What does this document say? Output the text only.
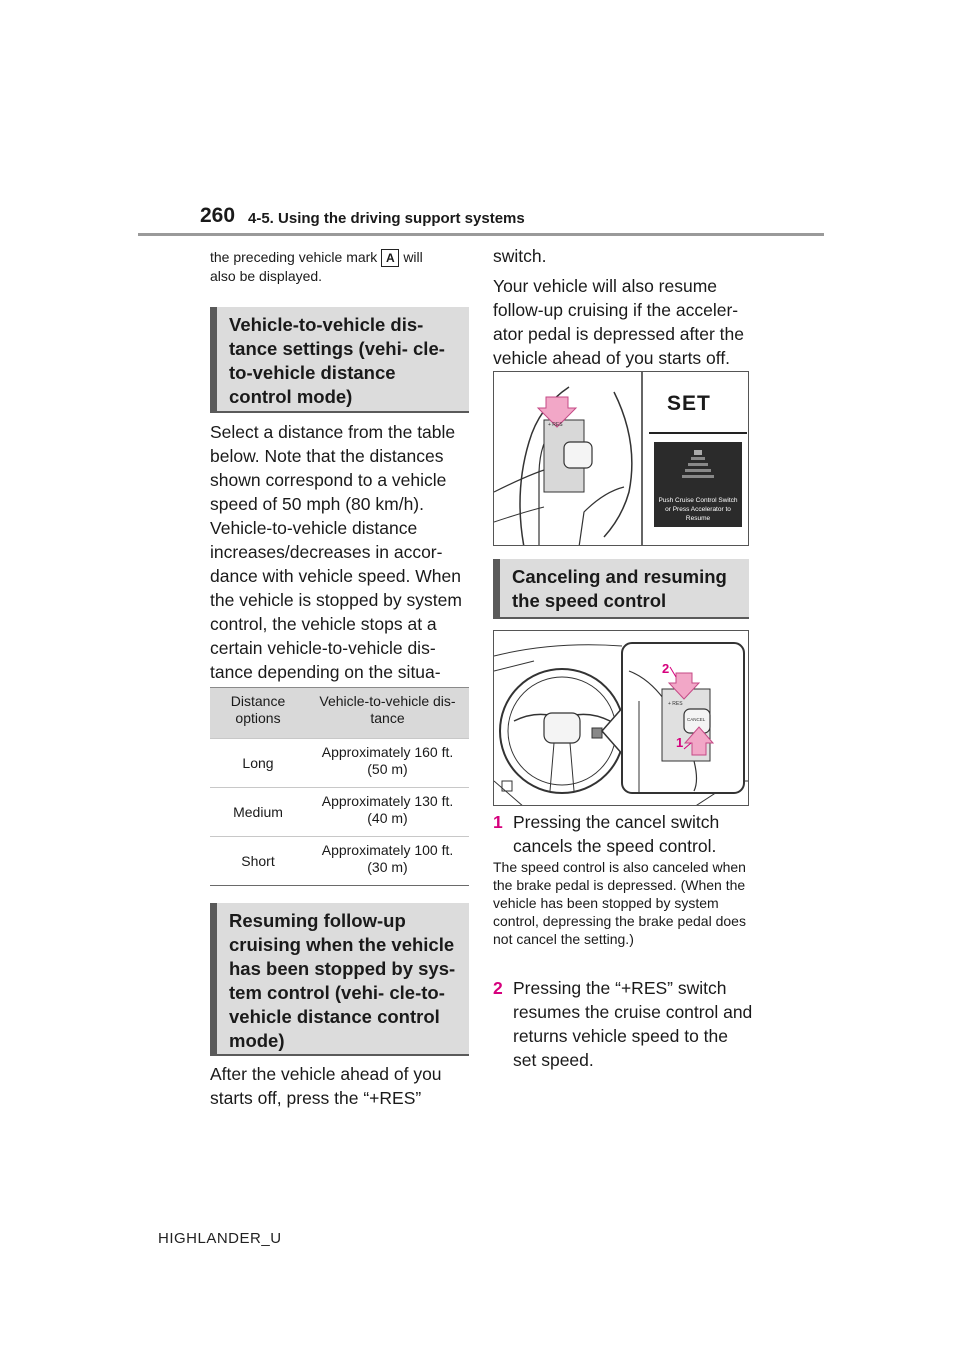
260 4-5. Using the driving support systems
the preceding vehicle mark A will
also be displayed.
Vehicle-to-vehicle dis- tance settings (vehi- cle-to-vehicle distance control mode)
Select a distance from the table below. Note that the distances shown correspond to a vehicle speed of 50 mph (80 km/h). Vehicle-to-vehicle distance increases/decreases in accor- dance with vehicle speed. When the vehicle is stopped by system control, the vehicle stops at a certain vehicle-to-vehicle dis- tance depending on the situa- tion.
Distance options	Vehicle-to-vehicle dis- tance
Long	Approximately 160 ft. (50 m)
Medium	Approximately 130 ft. (40 m)
Short	Approximately 100 ft. (30 m)
Resuming follow-up cruising when the vehicle has been stopped by sys- tem control (vehi- cle-to-vehicle distance control mode)
After the vehicle ahead of you starts off, press the “+RES”
switch.
Your vehicle will also resume follow-up cruising if the acceler- ator pedal is depressed after the vehicle ahead of you starts off.
SET
+ RES
Push Cruise Control Switch
or Press Accelerator to Resume
Canceling and resuming the speed control
2
1
+ RES
CANCEL
1 Pressing the cancel switch cancels the speed control.
The speed control is also canceled when the brake pedal is depressed. (When the vehicle has been stopped by system control, depressing the brake pedal does not cancel the setting.)
2 Pressing the “+RES” switch resumes the cruise control and returns vehicle speed to the set speed.
HIGHLANDER_U
